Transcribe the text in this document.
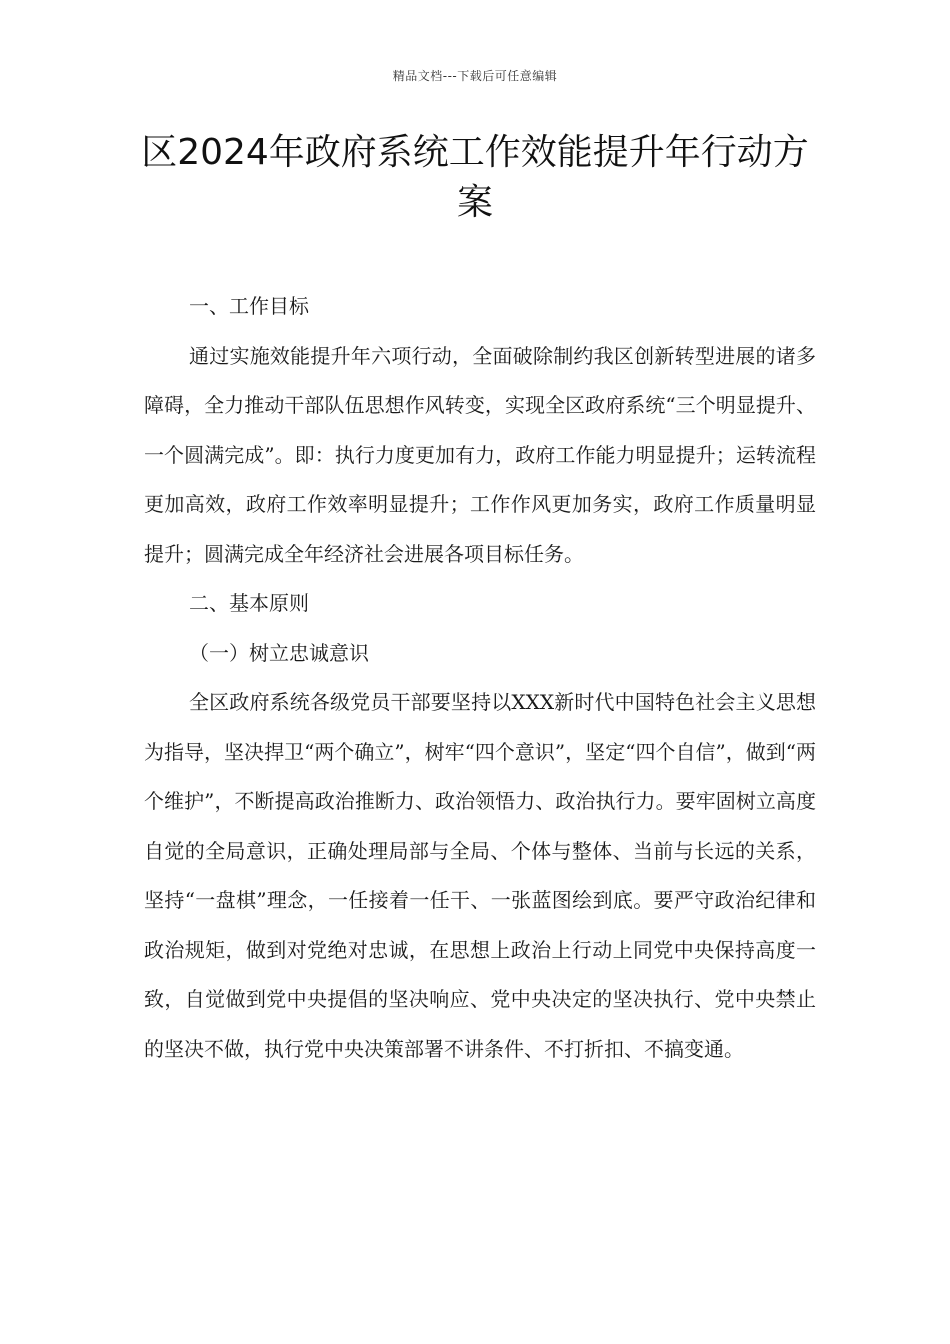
精品文档---下载后可任意编辑
区2024年政府系统工作效能提升年行动方案

一、工作目标

通过实施效能提升年六项行动，全面破除制约我区创新转型进展的诸多障碍，全力推动干部队伍思想作风转变，实现全区政府系统“三个明显提升、一个圆满完成”。即：执行力度更加有力，政府工作能力明显提升；运转流程更加高效，政府工作效率明显提升；工作作风更加务实，政府工作质量明显提升；圆满完成全年经济社会进展各项目标任务。

二、基本原则

（一）树立忠诚意识

全区政府系统各级党员干部要坚持以XXX新时代中国特色社会主义思想为指导，坚决捍卫“两个确立”，树牢“四个意识”，坚定“四个自信”，做到“两个维护”，不断提高政治推断力、政治领悟力、政治执行力。要牢固树立高度自觉的全局意识，正确处理局部与全局、个体与整体、当前与长远的关系，坚持“一盘棋”理念，一任接着一任干、一张蓝图绘到底。要严守政治纪律和政治规矩，做到对党绝对忠诚，在思想上政治上行动上同党中央保持高度一致，自觉做到党中央提倡的坚决响应、党中央决定的坚决执行、党中央禁止的坚决不做，执行党中央决策部署不讲条件、不打折扣、不搞变通。
